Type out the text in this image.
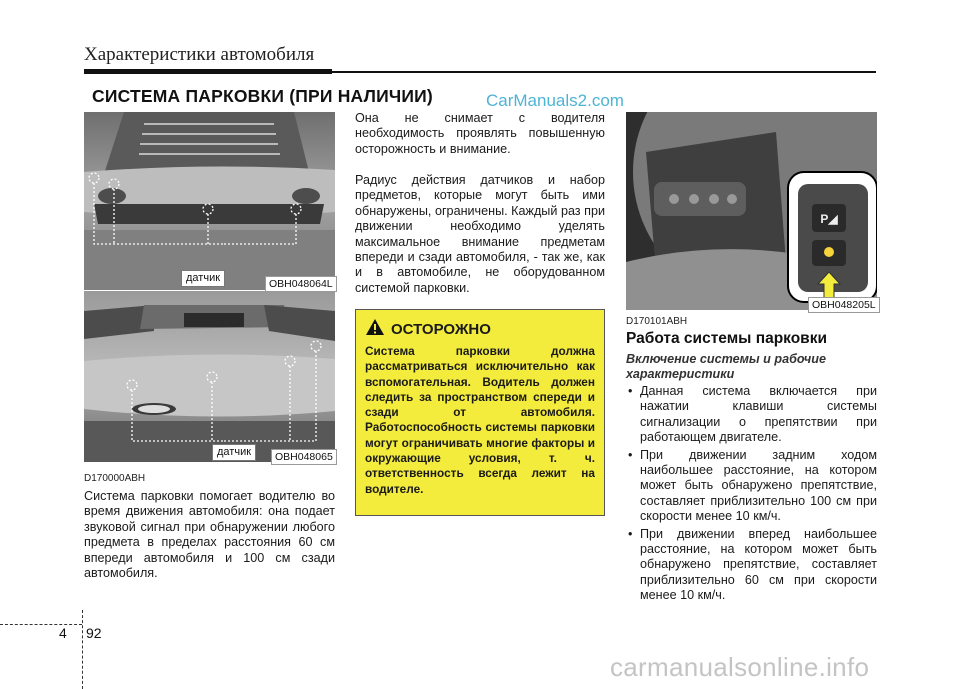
Характеристики автомобиля
СИСТЕМА ПАРКОВКИ (ПРИ НАЛИЧИИ)	CarManuals2.com
датчик	OBH048064L
датчик	OBH048065
D170000ABH
Система парковки помогает водителю во время движения автомобиля: она подает звуковой сигнал при обнаружении любого предмета в пределах расстояния 60 см впереди автомобиля и 100 см сзади автомобиля.
Она не снимает с водителя необходимость проявлять повышенную осторожность и внимание.
Радиус действия датчиков и набор предметов, которые могут быть ими обнаружены, ограничены. Каждый раз при движении необходимо уделять максимальное внимание предметам впереди и сзади автомобиля, - так же, как и в автомобиле, не оборудованном системой парковки.
ОСТОРОЖНО
Система парковки должна рассматриваться исключительно как вспомогательная. Водитель должен следить за пространством спереди и сзади от автомобиля. Работоспособность системы парковки могут ограничивать многие факторы и окружающие условия, т. ч. ответственность всегда лежит на водителе.
P◢
OBH048205L
D170101ABH
Работа системы парковки
Включение системы и рабочие характеристики
• Данная система включается при нажатии клавиши системы сигнализации о препятствии при работающем двигателе.
• При движении задним ходом наибольшее расстояние, на котором может быть обнаружено препятствие, составляет приблизительно 100 см при скорости менее 10 км/ч.
• При движении вперед наибольшее расстояние, на котором может быть обнаружено препятствие, составляет приблизительно 60 см при скорости менее 10 км/ч.
4 92
carmanualsonline.info
